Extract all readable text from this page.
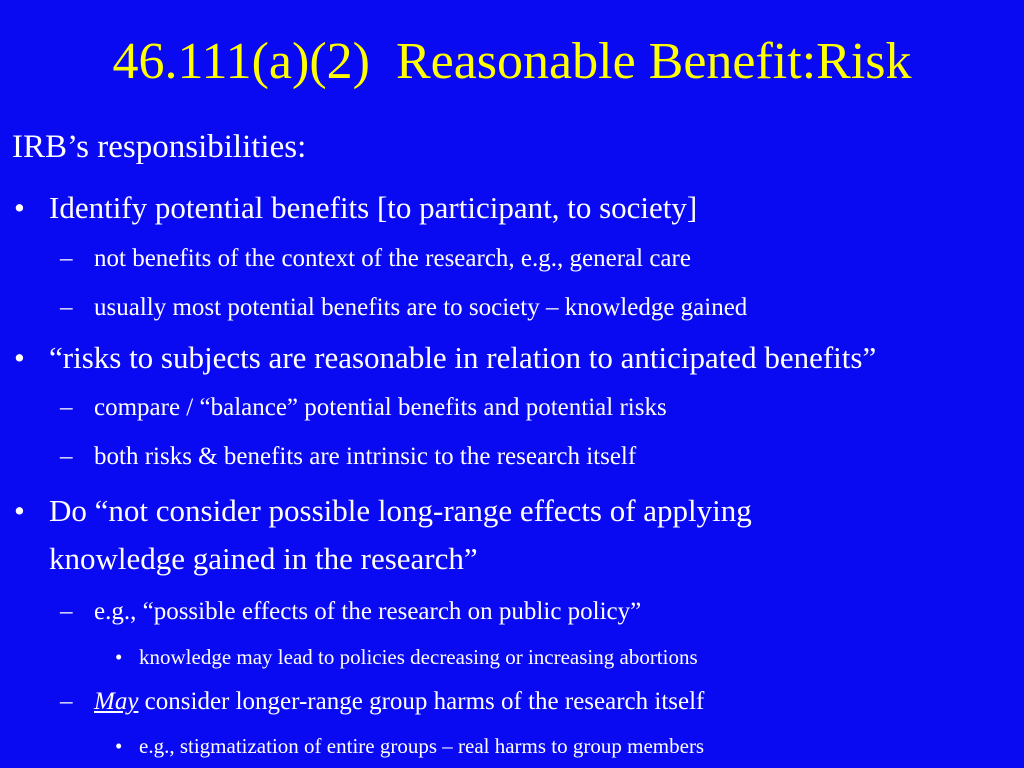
46.111(a)(2)  Reasonable Benefit:Risk
IRB’s responsibilities:
• Identify potential benefits [to participant, to society]
– not benefits of the context of the research, e.g., general care
– usually most potential benefits are to society – knowledge gained
• “risks to subjects are reasonable in relation to anticipated benefits”
– compare / “balance” potential benefits and potential risks
– both risks & benefits are intrinsic to the research itself
• Do “not consider possible long-range effects of applying
knowledge gained in the research”
– e.g., “possible effects of the research on public policy”
• knowledge may lead to policies decreasing or increasing abortions
– May consider longer-range group harms of the research itself
• e.g., stigmatization of entire groups – real harms to group members
